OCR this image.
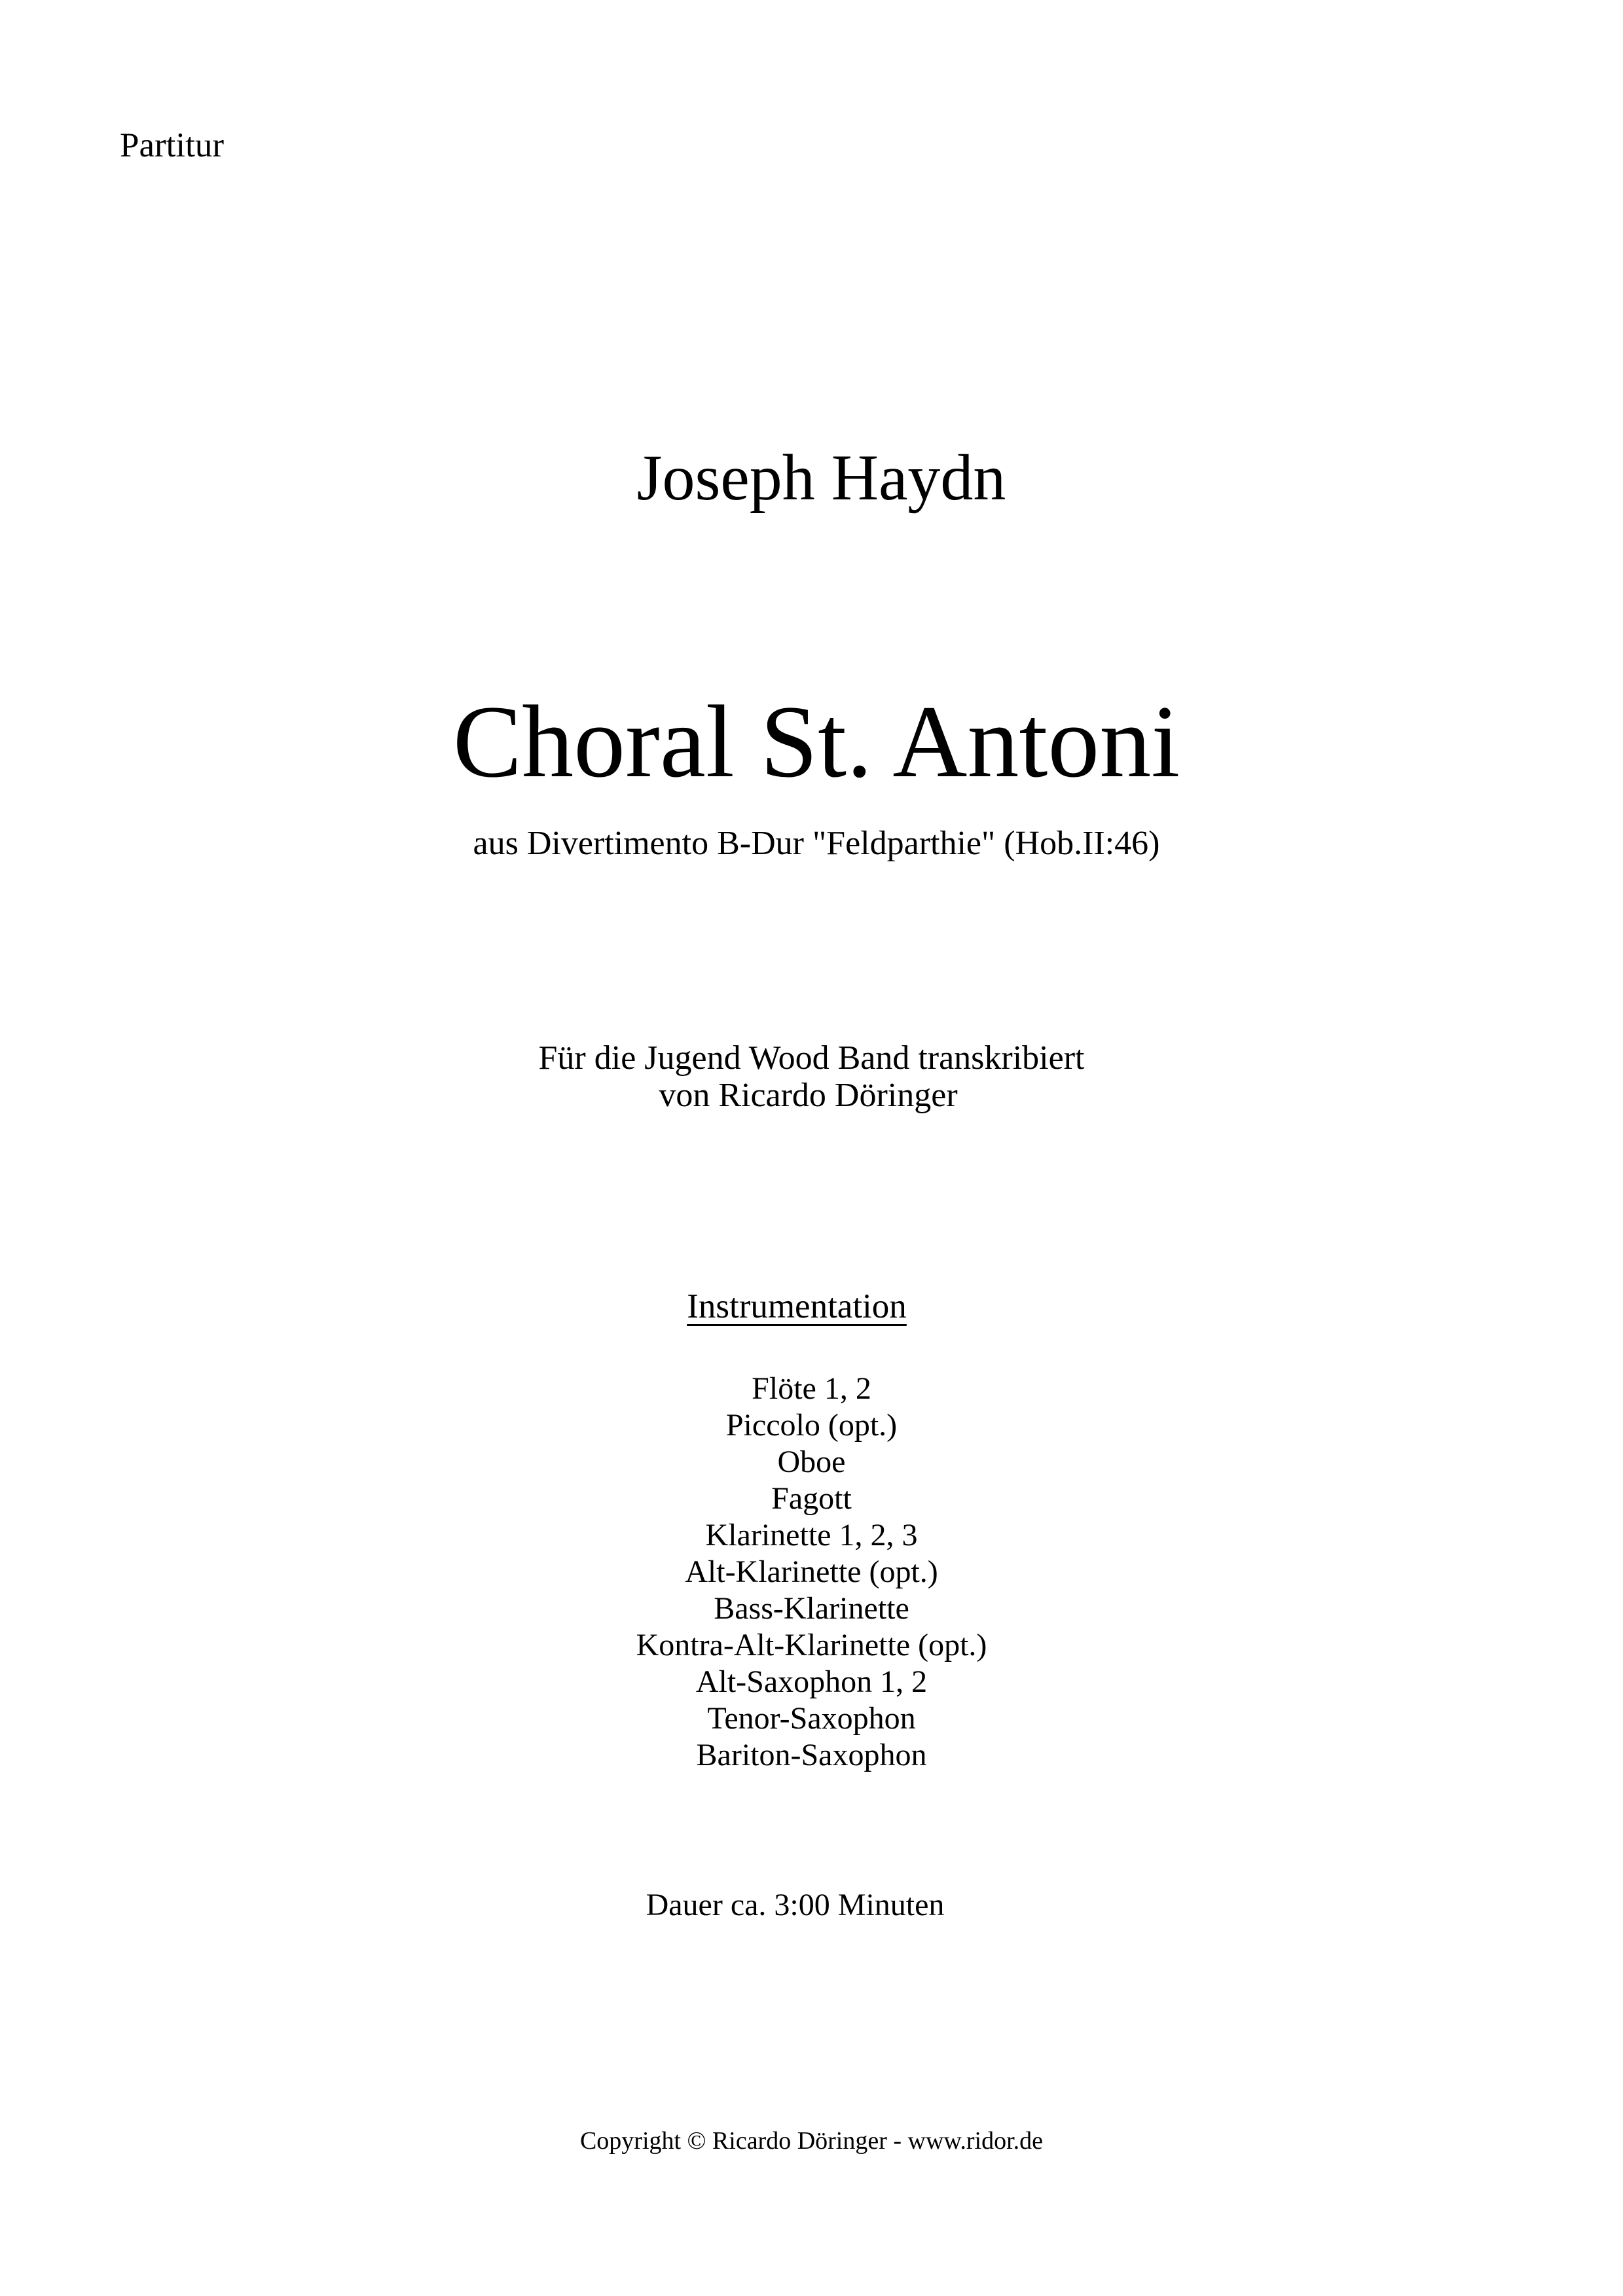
Partitur
Joseph Haydn
Choral St. Antoni
aus Divertimento B-Dur "Feldparthie" (Hob.II:46)
Für die Jugend Wood Band transkribiert
von Ricardo Döringer
Instrumentation
Flöte 1, 2
Piccolo (opt.)
Oboe
Fagott
Klarinette 1, 2, 3
Alt-Klarinette (opt.)
Bass-Klarinette
Kontra-Alt-Klarinette (opt.)
Alt-Saxophon 1, 2
Tenor-Saxophon
Bariton-Saxophon
Dauer ca. 3:00 Minuten
Copyright © Ricardo Döringer - www.ridor.de
